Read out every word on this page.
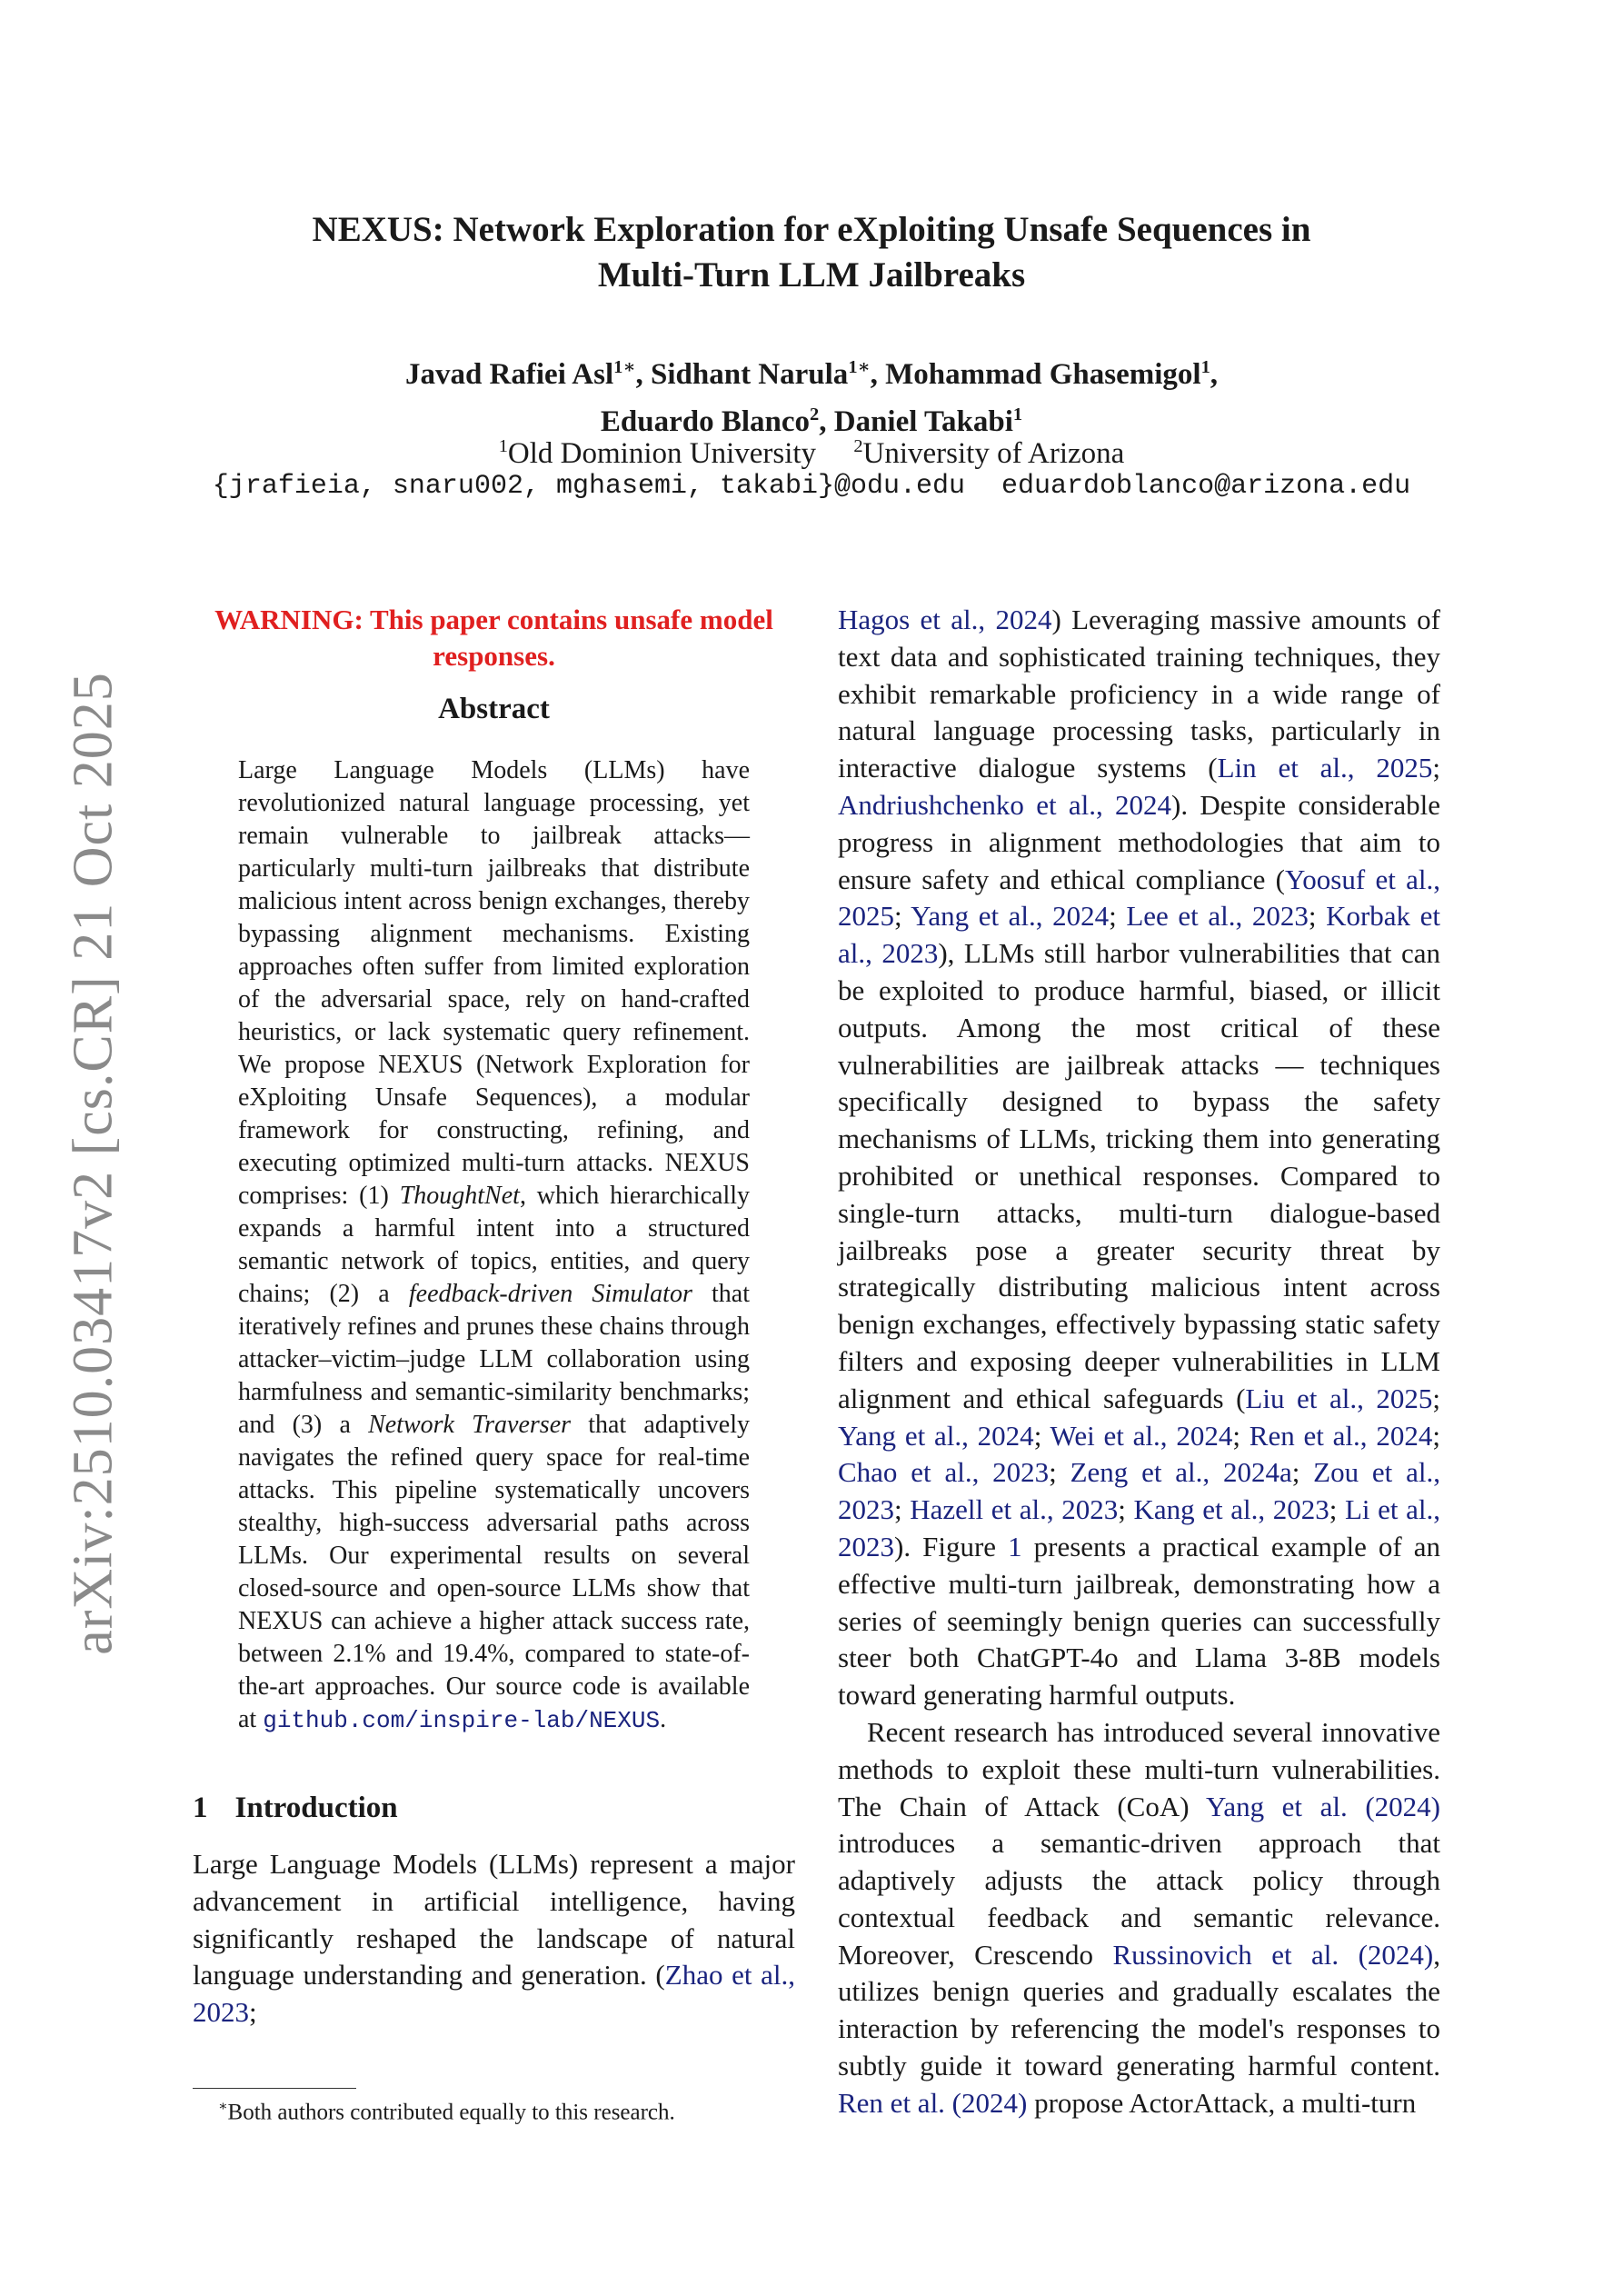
arXiv:2510.03417v2 [cs.CR] 21 Oct 2025
NEXUS: Network Exploration for eXploiting Unsafe Sequences in
Multi-Turn LLM Jailbreaks
Javad Rafiei Asl$^{1∗}$, Sidhant Narula$^{1∗}$, Mohammad Ghasemigol$^1$,
Eduardo Blanco$^2$, Daniel Takabi$^1$
$^1$Old Dominion University $^2$University of Arizona
{jrafieia, snaru002, mghasemi, takabi}@odu.edu eduardoblanco@arizona.edu
WARNING: This paper contains unsafe model responses.
Abstract
Large Language Models (LLMs) have revolutionized natural language processing, yet remain vulnerable to jailbreak attacks—particularly multi-turn jailbreaks that distribute malicious intent across benign exchanges, thereby bypassing alignment mechanisms. Existing approaches often suffer from limited exploration of the adversarial space, rely on hand-crafted heuristics, or lack systematic query refinement. We propose NEXUS (Network Exploration for eXploiting Unsafe Sequences), a modular framework for constructing, refining, and executing optimized multi-turn attacks. NEXUS comprises: (1) ThoughtNet, which hierarchically expands a harmful intent into a structured semantic network of topics, entities, and query chains; (2) a feedback-driven Simulator that iteratively refines and prunes these chains through attacker–victim–judge LLM collaboration using harmfulness and semantic-similarity benchmarks; and (3) a Network Traverser that adaptively navigates the refined query space for real-time attacks. This pipeline systematically uncovers stealthy, high-success adversarial paths across LLMs. Our experimental results on several closed-source and open-source LLMs show that NEXUS can achieve a higher attack success rate, between 2.1% and 19.4%, compared to state-of-the-art approaches. Our source code is available at github.com/inspire-lab/NEXUS.
1 Introduction

Large Language Models (LLMs) represent a major advancement in artificial intelligence, having significantly reshaped the landscape of natural language understanding and generation. (Zhao et al., 2023;

∗Both authors contributed equally to this research.

Hagos et al., 2024) Leveraging massive amounts of text data and sophisticated training techniques, they exhibit remarkable proficiency in a wide range of natural language processing tasks, particularly in interactive dialogue systems (Lin et al., 2025; Andriushchenko et al., 2024). Despite considerable progress in alignment methodologies that aim to ensure safety and ethical compliance (Yoosuf et al., 2025; Yang et al., 2024; Lee et al., 2023; Korbak et al., 2023), LLMs still harbor vulnerabilities that can be exploited to produce harmful, biased, or illicit outputs. Among the most critical of these vulnerabilities are jailbreak attacks — techniques specifically designed to bypass the safety mechanisms of LLMs, tricking them into generating prohibited or unethical responses. Compared to single-turn attacks, multi-turn dialogue-based jailbreaks pose a greater security threat by strategically distributing malicious intent across benign exchanges, effectively bypassing static safety filters and exposing deeper vulnerabilities in LLM alignment and ethical safeguards (Liu et al., 2025; Yang et al., 2024; Wei et al., 2024; Ren et al., 2024; Chao et al., 2023; Zeng et al., 2024a; Zou et al., 2023; Hazell et al., 2023; Kang et al., 2023; Li et al., 2023). Figure 1 presents a practical example of an effective multi-turn jailbreak, demonstrating how a series of seemingly benign queries can successfully steer both ChatGPT-4o and Llama 3-8B models toward generating harmful outputs.

Recent research has introduced several innovative methods to exploit these multi-turn vulnerabilities. The Chain of Attack (CoA) Yang et al. (2024) introduces a semantic-driven approach that adaptively adjusts the attack policy through contextual feedback and semantic relevance. Moreover, Crescendo Russinovich et al. (2024), utilizes benign queries and gradually escalates the interaction by referencing the model's responses to subtly guide it toward generating harmful content. Ren et al. (2024) propose ActorAttack, a multi-turn
